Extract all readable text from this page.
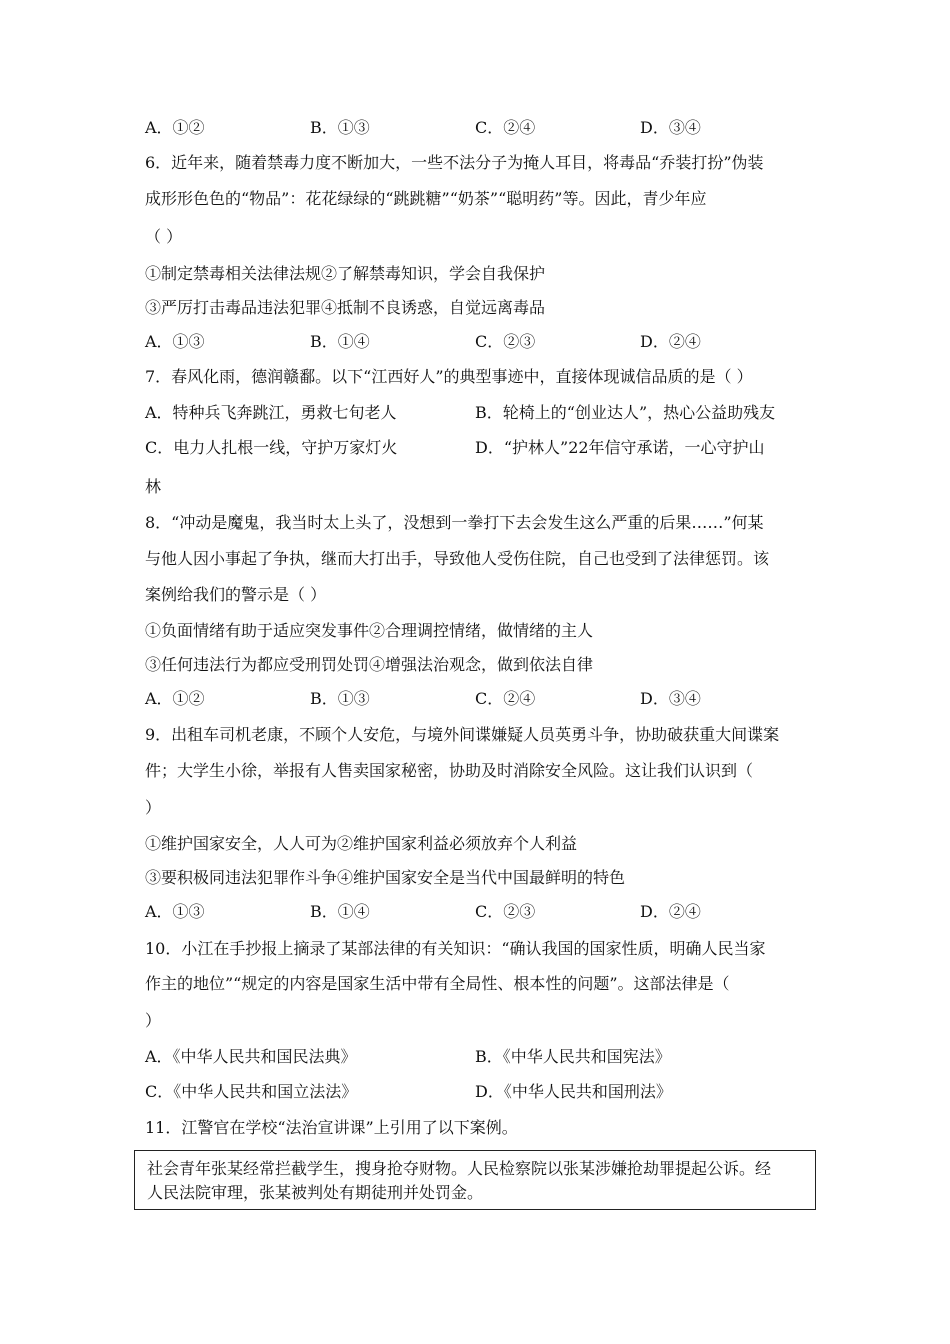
A．①②	B．①③	C．②④	D．③④
6．近年来，随着禁毒力度不断加大，一些不法分子为掩人耳目，将毒品“乔装打扮”伪装
成形形色色的“物品”：花花绿绿的“跳跳糖”“奶茶”“聪明药”等。因此，青少年应
（ ）
①制定禁毒相关法律法规②了解禁毒知识，学会自我保护
③严厉打击毒品违法犯罪④抵制不良诱惑，自觉远离毒品
A．①③	B．①④	C．②③	D．②④
7．春风化雨，德润赣鄱。以下“江西好人”的典型事迹中，直接体现诚信品质的是（ ）
A．特种兵飞奔跳江，勇救七旬老人	B．轮椅上的“创业达人”，热心公益助残友
C．电力人扎根一线，守护万家灯火	D．“护林人”22年信守承诺，一心守护山
林
8．“冲动是魔鬼，我当时太上头了，没想到一拳打下去会发生这么严重的后果……”何某
与他人因小事起了争执，继而大打出手，导致他人受伤住院，自己也受到了法律惩罚。该
案例给我们的警示是（ ）
①负面情绪有助于适应突发事件②合理调控情绪，做情绪的主人
③任何违法行为都应受刑罚处罚④增强法治观念，做到依法自律
A．①②	B．①③	C．②④	D．③④
9．出租车司机老康，不顾个人安危，与境外间谍嫌疑人员英勇斗争，协助破获重大间谍案
件；大学生小徐，举报有人售卖国家秘密，协助及时消除安全风险。这让我们认识到（
）
①维护国家安全，人人可为②维护国家利益必须放弃个人利益
③要积极同违法犯罪作斗争④维护国家安全是当代中国最鲜明的特色
A．①③	B．①④	C．②③	D．②④
10．小江在手抄报上摘录了某部法律的有关知识：“确认我国的国家性质，明确人民当家
作主的地位”“规定的内容是国家生活中带有全局性、根本性的问题”。这部法律是（
）
A．《中华人民共和国民法典》	B．《中华人民共和国宪法》
C．《中华人民共和国立法法》	D．《中华人民共和国刑法》
11．江警官在学校“法治宣讲课”上引用了以下案例。
社会青年张某经常拦截学生，搜身抢夺财物。人民检察院以张某涉嫌抢劫罪提起公诉。经
人民法院审理，张某被判处有期徒刑并处罚金。
